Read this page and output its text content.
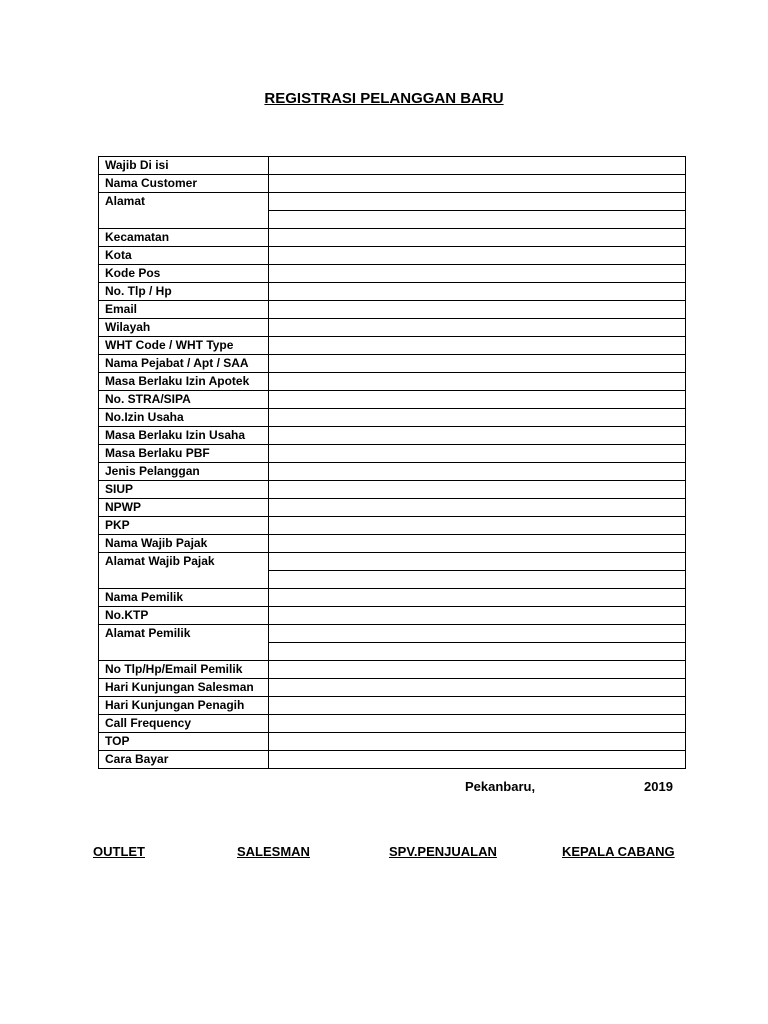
REGISTRASI PELANGGAN BARU
Wajib Di isi	
Nama Customer	
Alamat	

Kecamatan	
Kota	
Kode Pos	
No. Tlp / Hp	
Email	
Wilayah	
WHT Code / WHT Type	
Nama Pejabat / Apt / SAA	
Masa Berlaku Izin Apotek	
No. STRA/SIPA	
No.Izin Usaha	
Masa Berlaku Izin Usaha	
Masa Berlaku PBF	
Jenis Pelanggan	
SIUP	
NPWP	
PKP	
Nama Wajib Pajak	
Alamat Wajib Pajak	

Nama Pemilik	
No.KTP	
Alamat Pemilik	

No Tlp/Hp/Email Pemilik	
Hari Kunjungan Salesman	
Hari Kunjungan Penagih	
Call Frequency	
TOP	
Cara Bayar	
Pekanbaru,	2019
OUTLET	SALESMAN	SPV.PENJUALAN	KEPALA CABANG
